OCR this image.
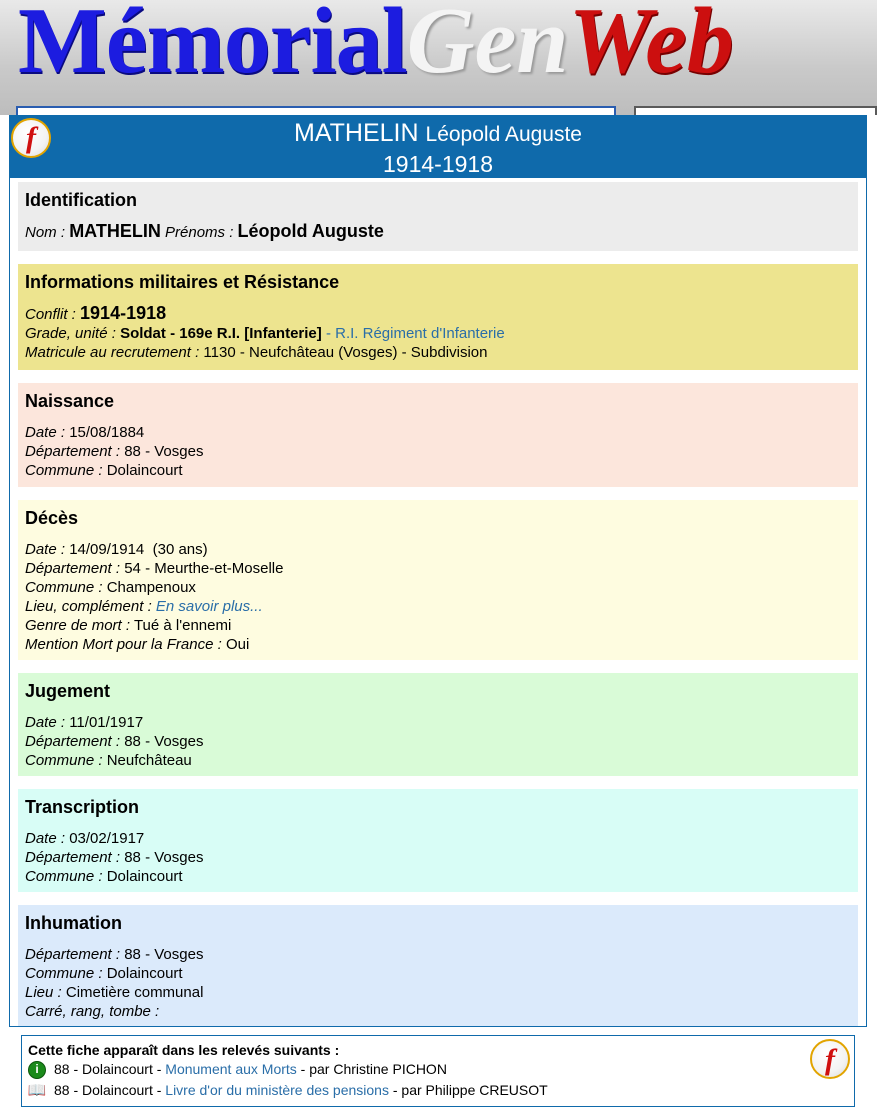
MémorialGenWeb
f	MATHELIN Léopold Auguste
1914-1918
Identification
Nom : MATHELIN Prénoms : Léopold Auguste
Informations militaires et Résistance
Conflit : 1914-1918
Grade, unité : Soldat - 169e R.I. [Infanterie] - R.I. Régiment d'Infanterie
Matricule au recrutement : 1130 - Neufchâteau (Vosges) - Subdivision
Naissance
Date : 15/08/1884
Département : 88 - Vosges
Commune : Dolaincourt
Décès
Date : 14/09/1914  (30 ans)
Département : 54 - Meurthe-et-Moselle
Commune : Champenoux
Lieu, complément : En savoir plus...
Genre de mort : Tué à l'ennemi
Mention Mort pour la France : Oui
Jugement
Date : 11/01/1917
Département : 88 - Vosges
Commune : Neufchâteau
Transcription
Date : 03/02/1917
Département : 88 - Vosges
Commune : Dolaincourt
Inhumation
Département : 88 - Vosges
Commune : Dolaincourt
Lieu : Cimetière communal
Carré, rang, tombe :
Cette fiche apparaît dans les relevés suivants :	f
i	88 - Dolaincourt -
Monument aux Morts
- par Christine PICHON
📖 88 - Dolaincourt -
Livre d'or du ministère des pensions
- par Philippe CREUSOT
